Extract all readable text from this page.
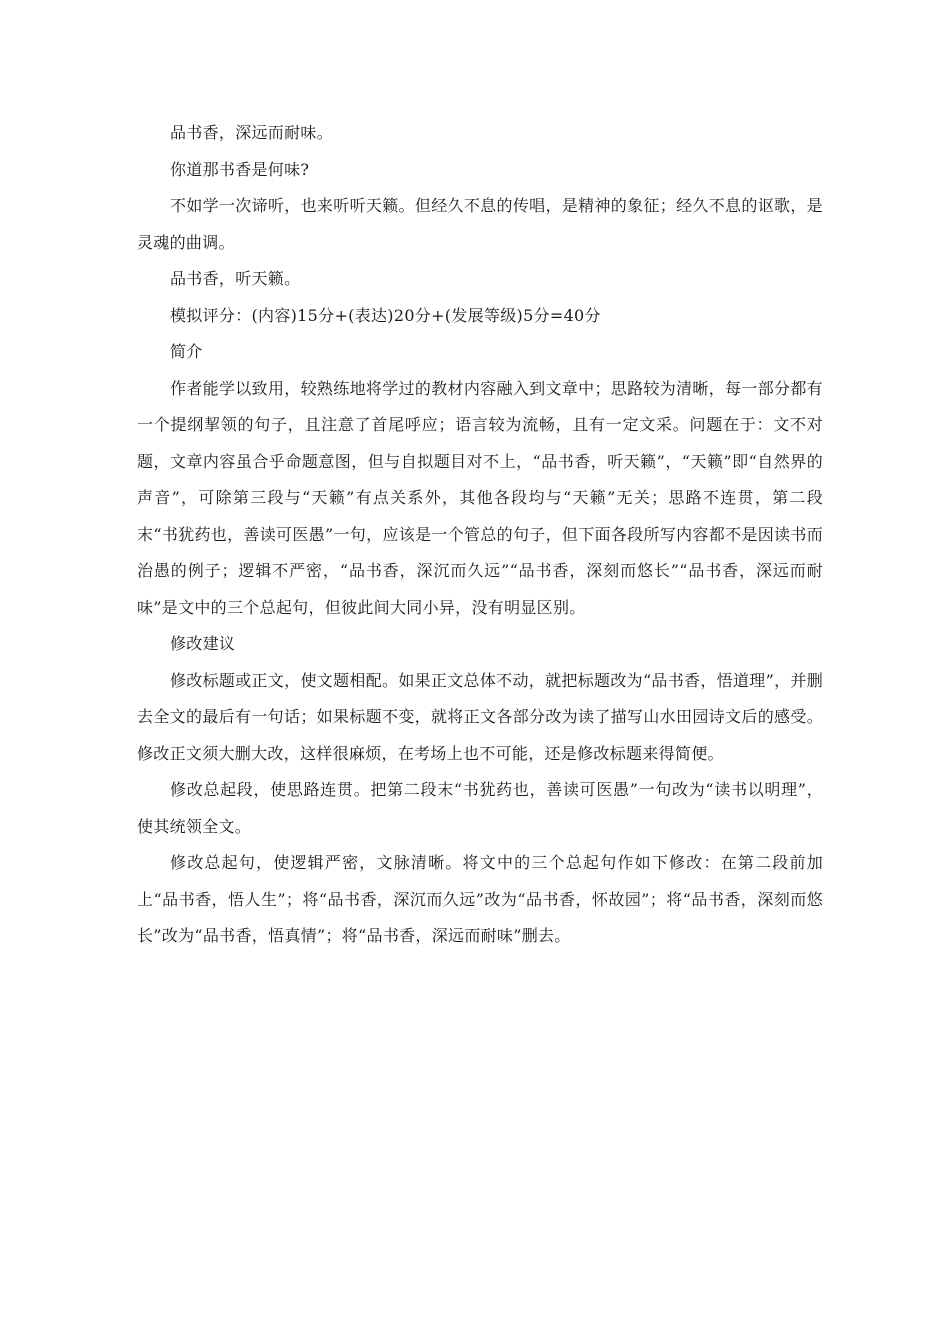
品书香，深远而耐味。

你道那书香是何味?

不如学一次谛听，也来听听天籁。但经久不息的传唱，是精神的象征；经久不息的讴歌，是灵魂的曲调。

品书香，听天籁。

模拟评分：(内容)15分+(表达)20分+(发展等级)5分=40分

简介

作者能学以致用，较熟练地将学过的教材内容融入到文章中；思路较为清晰，每一部分都有一个提纲挈领的句子，且注意了首尾呼应；语言较为流畅，且有一定文采。问题在于：文不对题，文章内容虽合乎命题意图，但与自拟题目对不上，“品书香，听天籁”，“天籁”即“自然界的声音”，可除第三段与“天籁”有点关系外，其他各段均与“天籁”无关；思路不连贯，第二段末“书犹药也，善读可医愚”一句，应该是一个管总的句子，但下面各段所写内容都不是因读书而治愚的例子；逻辑不严密，“品书香，深沉而久远”“品书香，深刻而悠长”“品书香，深远而耐味”是文中的三个总起句，但彼此间大同小异，没有明显区别。

修改建议

修改标题或正文，使文题相配。如果正文总体不动，就把标题改为“品书香，悟道理”，并删去全文的最后有一句话；如果标题不变，就将正文各部分改为读了描写山水田园诗文后的感受。修改正文须大删大改，这样很麻烦，在考场上也不可能，还是修改标题来得简便。

修改总起段，使思路连贯。把第二段末“书犹药也，善读可医愚”一句改为“读书以明理”，使其统领全文。

修改总起句，使逻辑严密，文脉清晰。将文中的三个总起句作如下修改：在第二段前加上“品书香，悟人生”；将“品书香，深沉而久远”改为“品书香，怀故园”；将“品书香，深刻而悠长”改为“品书香，悟真情”；将“品书香，深远而耐味”删去。
